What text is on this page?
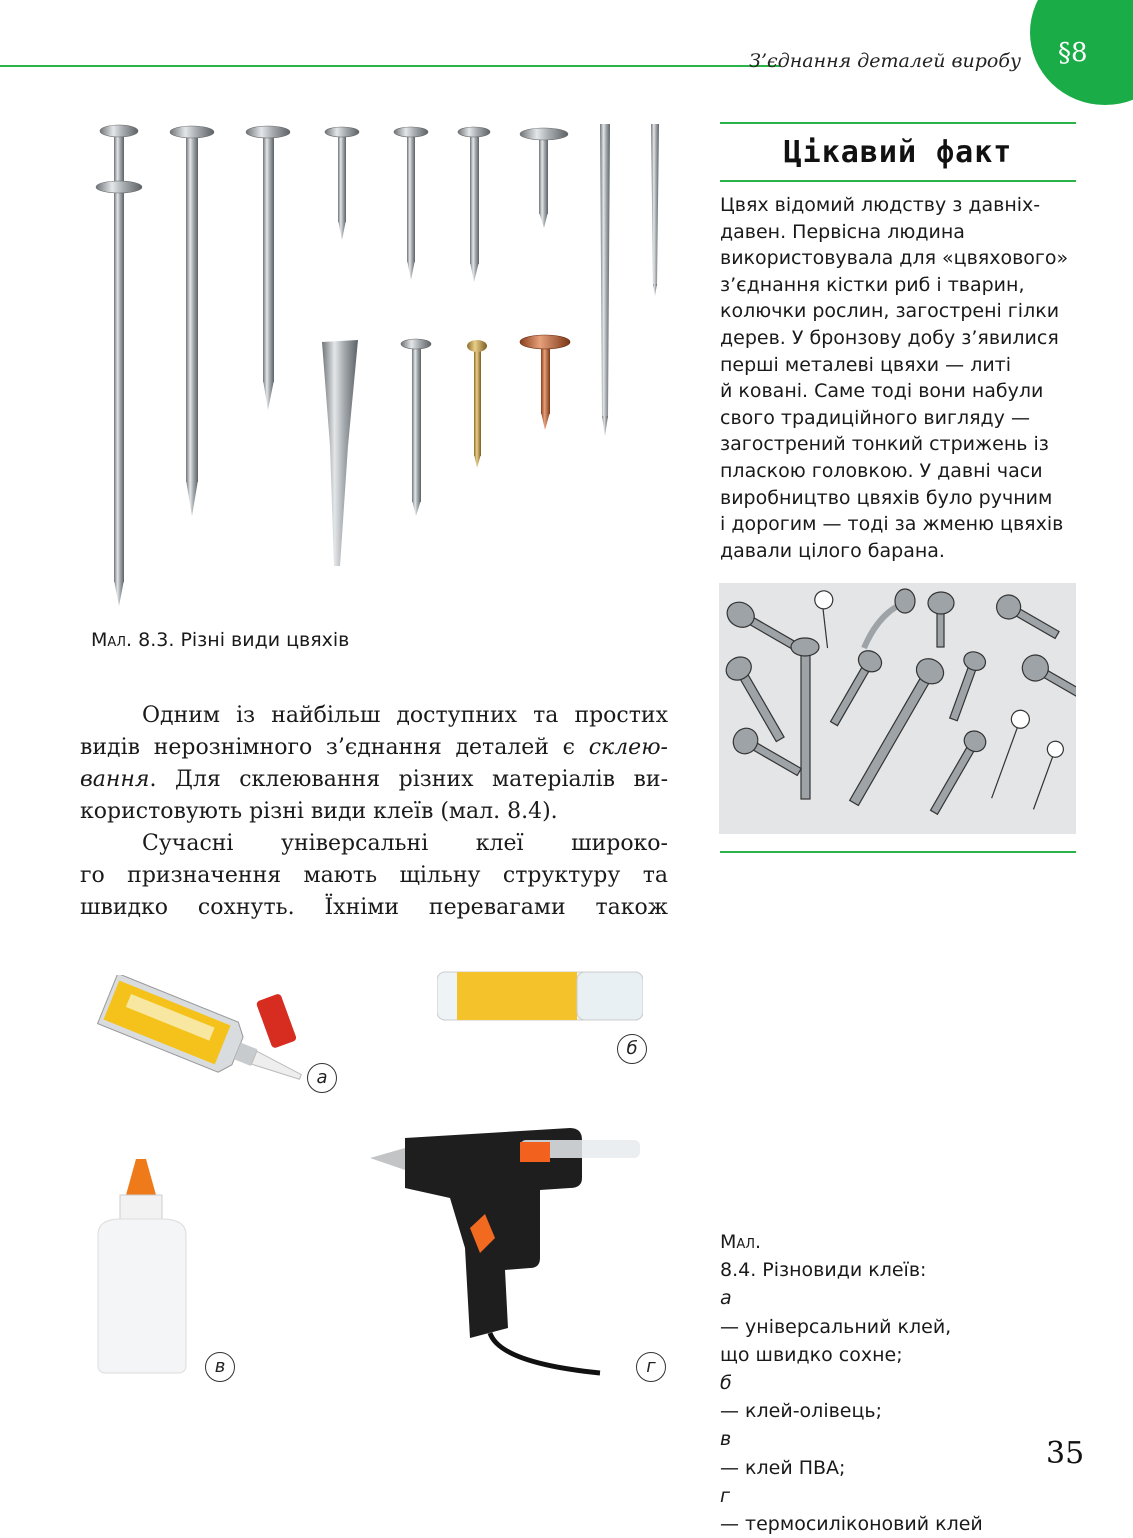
З’єднання деталей виробу §8
Мал. 8.3. Різні види цвяхів
Цікавий факт
Цвях відомий людству з давніх-
давен. Первісна людина
використовувала для «цвяхового»
з’єднання кістки риб і тварин,
колючки рослин, загострені гілки
дерев. У бронзову добу з’явилися
перші металеві цвяхи — литі
й ковані. Саме тоді вони набули
свого традиційного вигляду —
загострений тонкий стрижень із
пласкою головкою. У давні часи
виробництво цвяхів було ручним
і дорогим — тоді за жменю цвяхів
давали цілого барана.
Одним із найбільш доступних та простих
видів нерознімного з’єднання деталей є склею-
вання. Для склеювання різних матеріалів ви-
користовують різні види клеїв (мал. 8.4).
Сучасні універсальні клеї широко-
го призначення мають щільну структуру та
швидко сохнуть. Їхніми перевагами також
а
б
в	г
Мал.
8.4. Різновиди клеїв:
а
— універсальний клей,
що швидко сохне;
б
— клей-олівець;
в
— клей ПВА;
г
— термосиліконовий клей
35
